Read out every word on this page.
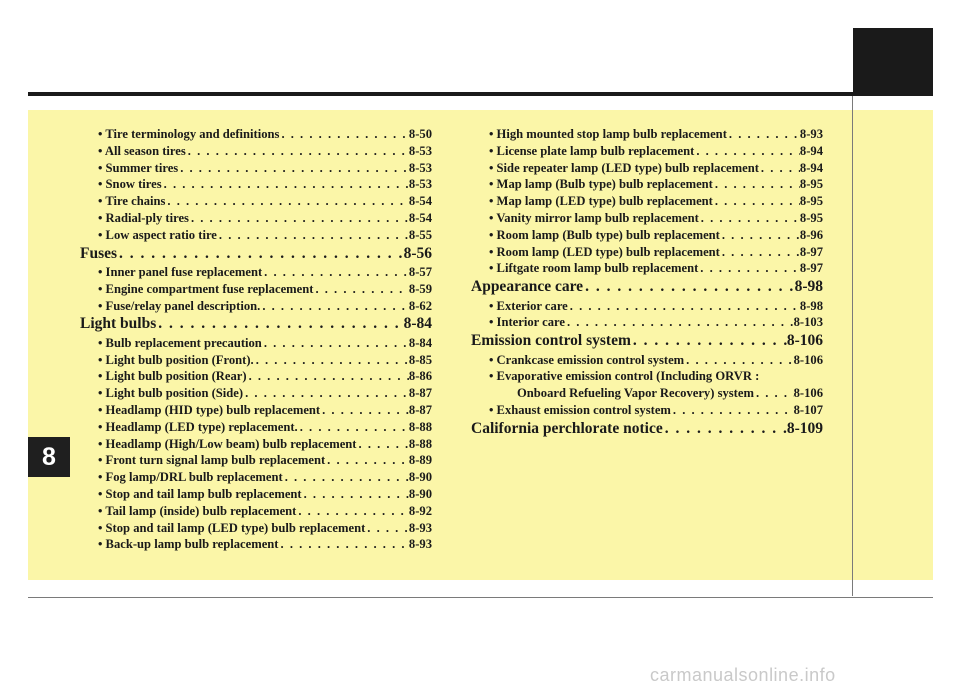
8
• Tire terminology and definitions . . .	8-50
• All season tires . . .	8-53
• Summer tires . . .	8-53
• Snow tires . . .	8-53
• Tire chains . . .	8-54
• Radial-ply tires . . .	8-54
• Low aspect ratio tire . . .	8-55
Fuses . . .	8-56
• Inner panel fuse replacement . . .	8-57
• Engine compartment fuse replacement . . .	8-59
• Fuse/relay panel description. . . .	8-62
Light bulbs . . .	8-84
• Bulb replacement precaution . . .	8-84
• Light bulb position (Front). . . .	8-85
• Light bulb position (Rear) . . .	8-86
• Light bulb position (Side) . . .	8-87
• Headlamp (HID type) bulb replacement . . .	8-87
• Headlamp (LED type) replacement. . . .	8-88
• Headlamp (High/Low beam) bulb replacement . . .	8-88
• Front turn signal lamp bulb replacement . . .	8-89
• Fog lamp/DRL bulb replacement . . .	8-90
• Stop and tail lamp bulb replacement . . .	8-90
• Tail lamp (inside) bulb replacement . . .	8-92
• Stop and tail lamp (LED type) bulb replacement . . .	8-93
• Back-up lamp bulb replacement . . .	8-93
• High mounted stop lamp bulb replacement . . .	8-93
• License plate lamp bulb replacement . . .	8-94
• Side repeater lamp (LED type) bulb replacement . . .	8-94
• Map lamp (Bulb type) bulb replacement . . .	8-95
• Map lamp (LED type) bulb replacement . . .	8-95
• Vanity mirror lamp bulb replacement . . .	8-95
• Room lamp (Bulb type) bulb replacement . . .	8-96
• Room lamp (LED type) bulb replacement . . .	8-97
• Liftgate room lamp bulb replacement . . .	8-97
Appearance care . . .	8-98
• Exterior care . . .	8-98
• Interior care . . .	8-103
Emission control system . . .	8-106
• Crankcase emission control system . . .	8-106
• Evaporative emission control (Including ORVR :
Onboard Refueling Vapor Recovery) system . . .	8-106
• Exhaust emission control system . . .	8-107
California perchlorate notice . . .	8-109
carmanualsonline.info
